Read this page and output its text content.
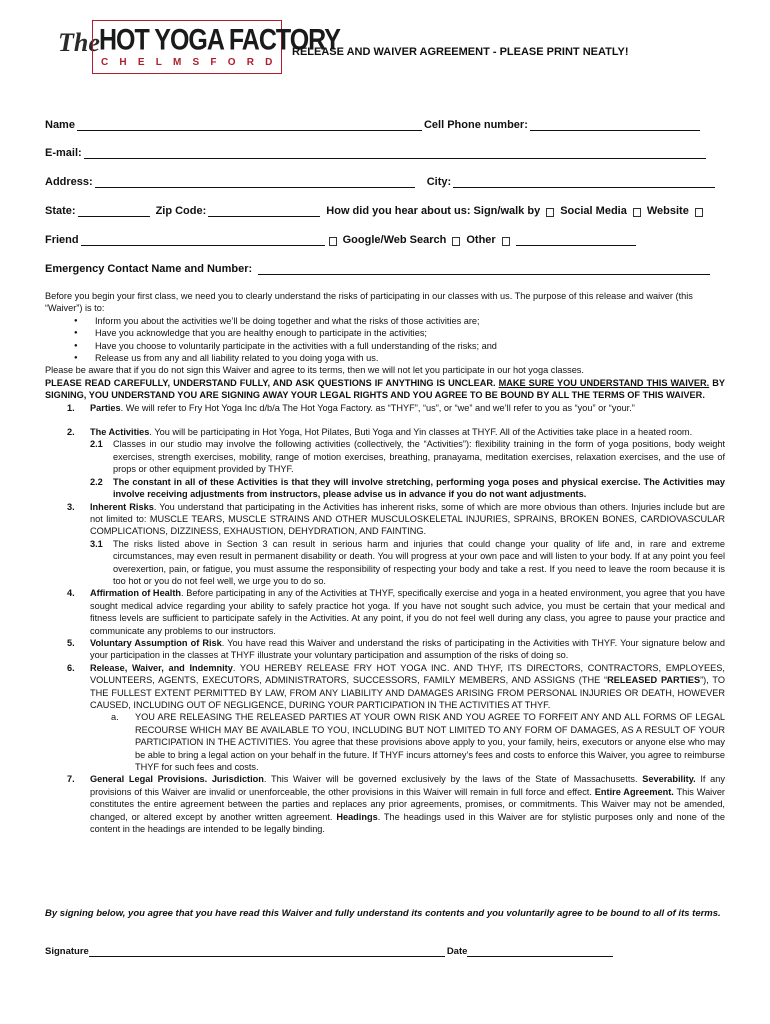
The HOT YOGA FACTORY
CHELMSFORD
RELEASE AND WAIVER AGREEMENT - PLEASE PRINT NEATLY!
Name	Cell Phone number:
E-mail:
Address:	City:
State:	Zip Code:	How did you hear about us: Sign/walk by Social Media Website
Friend	Google/Web Search Other
Emergency Contact Name and Number:

Before you begin your first class, we need you to clearly understand the risks of participating in our classes with us. The purpose of this release and waiver (this “Waiver”) is to:

● Inform you about the activities we’ll be doing together and what the risks of those activities are;

● Have you acknowledge that you are healthy enough to participate in the activities;

● Have you choose to voluntarily participate in the activities with a full understanding of the risks; and

● Release us from any and all liability related to you doing yoga with us.

Please be aware that if you do not sign this Waiver and agree to its terms, then we will not let you participate in our hot yoga classes.

PLEASE READ CAREFULLY, UNDERSTAND FULLY, AND ASK QUESTIONS IF ANYTHING IS UNCLEAR. MAKE SURE YOU UNDERSTAND THIS WAIVER. BY SIGNING, YOU UNDERSTAND YOU ARE SIGNING AWAY YOUR LEGAL RIGHTS AND YOU AGREE TO BE BOUND BY ALL THE TERMS OF THIS WAIVER.

1. Parties. We will refer to Fry Hot Yoga Inc d/b/a The Hot Yoga Factory. as “THYF”, “us”, or “we” and we’ll refer to you as “you” or “your.”

2. The Activities. You will be participating in Hot Yoga, Hot Pilates, Buti Yoga and Yin classes at THYF. All of the Activities take place in a heated room.

2.1 Classes in our studio may involve the following activities (collectively, the “Activities”): flexibility training in the form of yoga positions, body weight exercises, strength exercises, mobility, range of motion exercises, breathing, pranayama, meditation exercises, relaxation exercises, and the use of props or other equipment provided by THYF.

2.2 The constant in all of these Activities is that they will involve stretching, performing yoga poses and physical exercise. The Activities may involve receiving adjustments from instructors, please advise us in advance if you do not want adjustments.

3. Inherent Risks. You understand that participating in the Activities has inherent risks, some of which are more obvious than others. Injuries include but are not limited to: MUSCLE TEARS, MUSCLE STRAINS AND OTHER MUSCULOSKELETAL INJURIES, SPRAINS, BROKEN BONES, CARDIOVASCULAR COMPLICATIONS, DIZZINESS, EXHAUSTION, DEHYDRATION, AND FAINTING.

3.1 The risks listed above in Section 3 can result in serious harm and injuries that could change your quality of life and, in rare and extreme circumstances, may even result in permanent disability or death. You will progress at your own pace and will listen to your body. If at any point you feel overexertion, pain, or fatigue, you must assume the responsibility of respecting your body and take a rest. If you need to leave the room because it is too hot or you do not feel well, we urge you to do so.

4. Affirmation of Health. Before participating in any of the Activities at THYF, specifically exercise and yoga in a heated environment, you agree that you have sought medical advice regarding your ability to safely practice hot yoga. If you have not sought such advice, you must be certain that your medical and fitness levels are sufficient to participate safely in the Activities. At any point, if you do not feel well during any class, you agree to pause your practice and communicate any problems to our instructors.

5. Voluntary Assumption of Risk. You have read this Waiver and understand the risks of participating in the Activities with THYF. Your signature below and your participation in the classes at THYF illustrate your voluntary participation and assumption of the risks of doing so.

6. Release, Waiver, and Indemnity. YOU HEREBY RELEASE FRY HOT YOGA INC. AND THYF, ITS DIRECTORS, CONTRACTORS, EMPLOYEES, VOLUNTEERS, AGENTS, EXECUTORS, ADMINISTRATORS, SUCCESSORS, FAMILY MEMBERS, AND ASSIGNS (THE “RELEASED PARTIES”), TO THE FULLEST EXTENT PERMITTED BY LAW, FROM ANY LIABILITY AND DAMAGES ARISING FROM PERSONAL INJURIES OR DEATH, HOWEVER CAUSED, INCLUDING OUT OF NEGLIGENCE, DURING YOUR PARTICIPATION IN THE ACTIVITIES AT THYF.

a. YOU ARE RELEASING THE RELEASED PARTIES AT YOUR OWN RISK AND YOU AGREE TO FORFEIT ANY AND ALL FORMS OF LEGAL RECOURSE WHICH MAY BE AVAILABLE TO YOU, INCLUDING BUT NOT LIMITED TO ANY FORM OF DAMAGES, AS A RESULT OF YOUR PARTICIPATION IN THE ACTIVITIES. You agree that these provisions above apply to you, your family, heirs, executors or anyone else who may be able to bring a legal action on your behalf in the future. If THYF incurs attorney’s fees and costs to enforce this Waiver, you agree to reimburse THYF for such fees and costs.

7. General Legal Provisions. Jurisdiction. This Waiver will be governed exclusively by the laws of the State of Massachusetts. Severability. If any provisions of this Waiver are invalid or unenforceable, the other provisions in this Waiver will remain in full force and effect. Entire Agreement. This Waiver constitutes the entire agreement between the parties and replaces any prior agreements, promises, or commitments. This Waiver may not be amended, changed, or altered except by another written agreement. Headings. The headings used in this Waiver are for stylistic purposes only and none of the content in the headings are intended to be legally binding.

By signing below, you agree that you have read this Waiver and fully understand its contents and you voluntarily agree to be bound to all of its terms.
Signature	Date
